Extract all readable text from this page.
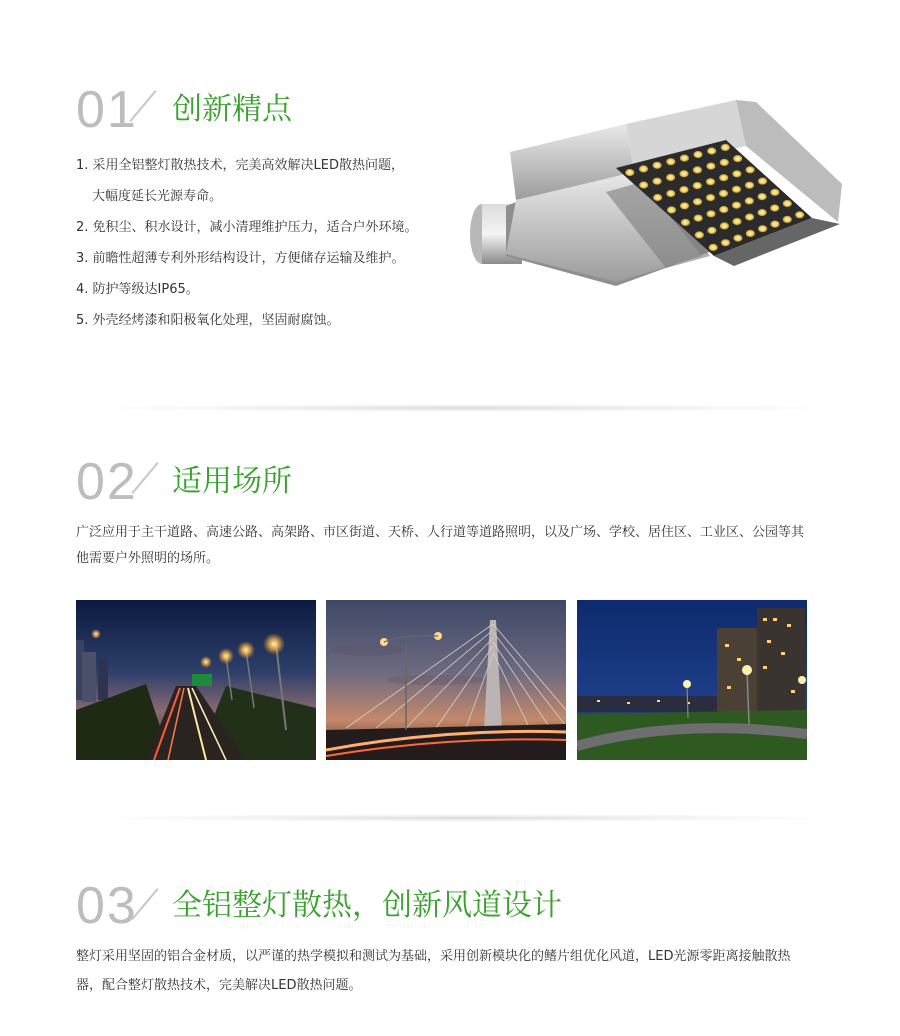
01 创新精点
1. 采用全铝整灯散热技术，完美高效解决LED散热问题，
大幅度延长光源寿命。
2. 免积尘、积水设计，减小清理维护压力，适合户外环境。
3. 前瞻性超薄专利外形结构设计，方便储存运输及维护。
4. 防护等级达IP65。
5. 外壳经烤漆和阳极氧化处理，坚固耐腐蚀。
02 适用场所

广泛应用于主干道路、高速公路、高架路、市区街道、天桥、人行道等道路照明，以及广场、学校、居住区、工业区、公园等其他需要户外照明的场所。

03 全铝整灯散热，创新风道设计

整灯采用坚固的铝合金材质，以严谨的热学模拟和测试为基础，采用创新模块化的鳍片组优化风道，LED光源零距离接触散热器，配合整灯散热技术，完美解决LED散热问题。
